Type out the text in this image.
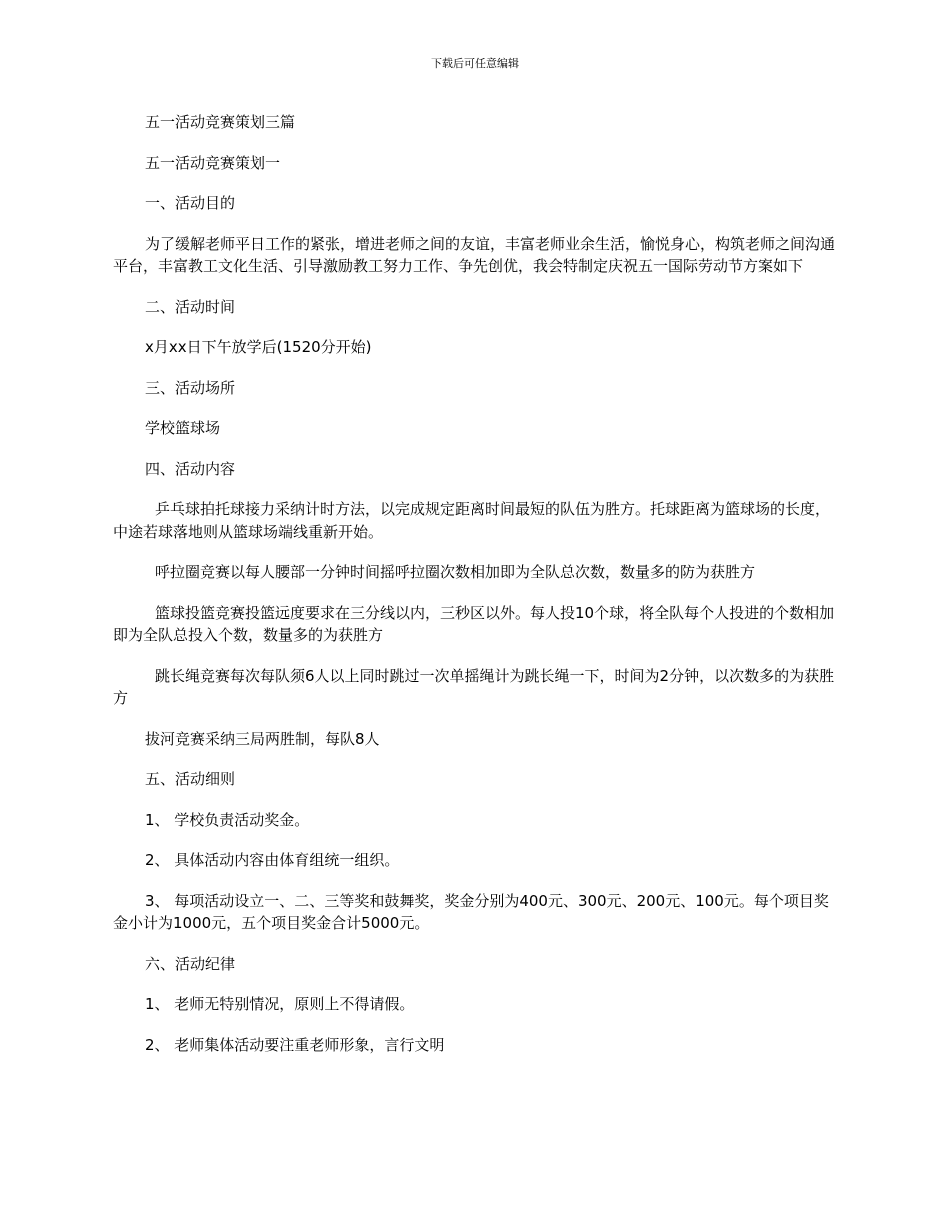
下载后可任意编辑

五一活动竞赛策划三篇

五一活动竞赛策划一

一、活动目的

为了缓解老师平日工作的紧张，增进老师之间的友谊，丰富老师业余生活，愉悦身心，构筑老师之间沟通平台，丰富教工文化生活、引导激励教工努力工作、争先创优，我会特制定庆祝五一国际劳动节方案如下

二、活动时间

x月xx日下午放学后(1520分开始)

三、活动场所

学校篮球场

四、活动内容

乒乓球拍托球接力采纳计时方法，以完成规定距离时间最短的队伍为胜方。托球距离为篮球场的长度，中途若球落地则从篮球场端线重新开始。

呼拉圈竞赛以每人腰部一分钟时间摇呼拉圈次数相加即为全队总次数，数量多的防为获胜方

篮球投篮竞赛投篮远度要求在三分线以内，三秒区以外。每人投10个球，将全队每个人投进的个数相加即为全队总投入个数，数量多的为获胜方

跳长绳竞赛每次每队须6人以上同时跳过一次单摇绳计为跳长绳一下，时间为2分钟，以次数多的为获胜方

拔河竞赛采纳三局两胜制，每队8人

五、活动细则

1、 学校负责活动奖金。

2、 具体活动内容由体育组统一组织。

3、 每项活动设立一、二、三等奖和鼓舞奖，奖金分别为400元、300元、200元、100元。每个项目奖金小计为1000元，五个项目奖金合计5000元。

六、活动纪律

1、 老师无特别情况，原则上不得请假。

2、 老师集体活动要注重老师形象，言行文明
